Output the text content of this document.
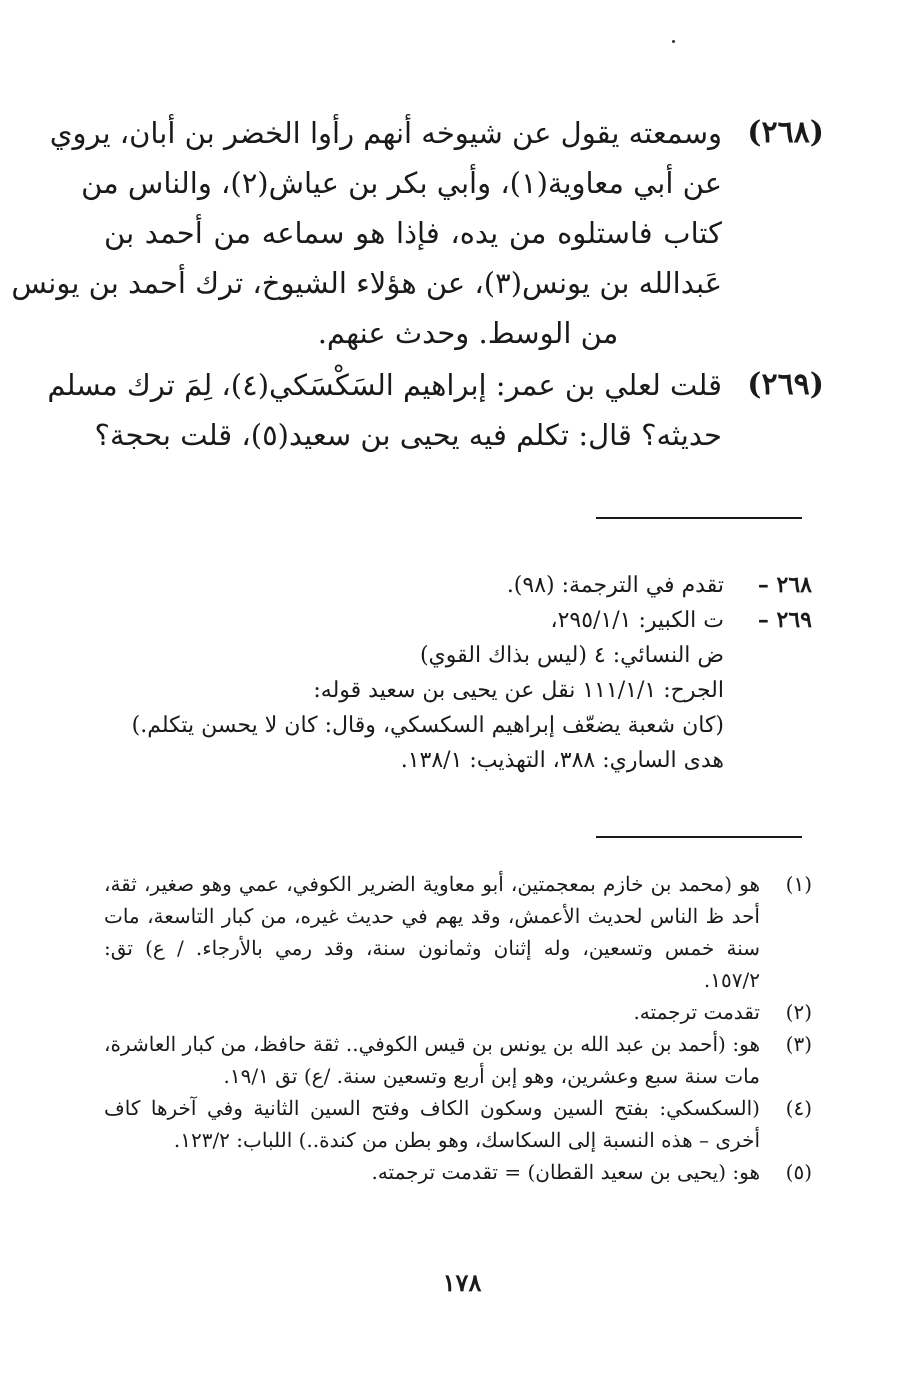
(٢٦٨)
وسمعته يقول عن شيوخه أنهم رأوا الخضر بن أبان، يروي
عن أبي معاوية(١)، وأبي بكر بن عياش(٢)، والناس من
كتاب فاستلوه من يده، فإذا هو سماعه من أحمد بن
عَبدالله بن يونس(٣)، عن هؤلاء الشيوخ، ترك أحمد بن يونس
من الوسط. وحدث عنهم.
(٢٦٩)
قلت لعلي بن عمر: إبراهيم السَكْسَكي(٤)، لِمَ ترك مسلم
حديثه؟ قال: تكلم فيه يحيى بن سعيد(٥)، قلت بحجة؟
٢٦٨ –
تقدم في الترجمة: (٩٨).
٢٦٩ –
ت الكبير: ٢٩٥/١/١،
ض النسائي: ٤ (ليس بذاك القوي)
الجرح: ١١١/١/١ نقل عن يحيى بن سعيد قوله:
(كان شعبة يضعّف إبراهيم السكسكي، وقال: كان لا يحسن يتكلم.)
هدى الساري: ٣٨٨، التهذيب: ١٣٨/١.
(١)
هو (محمد بن خازم بمعجمتين، أبو معاوية الضرير الكوفي، عمي وهو صغير، ثقة،
أحد ظ الناس لحديث الأعمش، وقد يهم في حديث غيره، من كبار التاسعة، مات
سنة خمس وتسعين، وله إثنان وثمانون سنة، وقد رمي بالأرجاء. / ع) تق:
١٥٧/٢.
(٢)
تقدمت ترجمته.
(٣)
هو: (أحمد بن عبد الله بن يونس بن قيس الكوفي.. ثقة حافظ، من كبار العاشرة،
مات سنة سبع وعشرين، وهو إبن أربع وتسعين سنة. /ع) تق ١٩/١.
(٤)
(السكسكي: بفتح السين وسكون الكاف وفتح السين الثانية وفي آخرها كاف
أخرى – هذه النسبة إلى السكاسك، وهو بطن من كندة..) اللباب: ١٢٣/٢.
(٥)
هو: (يحيى بن سعيد القطان) = تقدمت ترجمته.
١٧٨
